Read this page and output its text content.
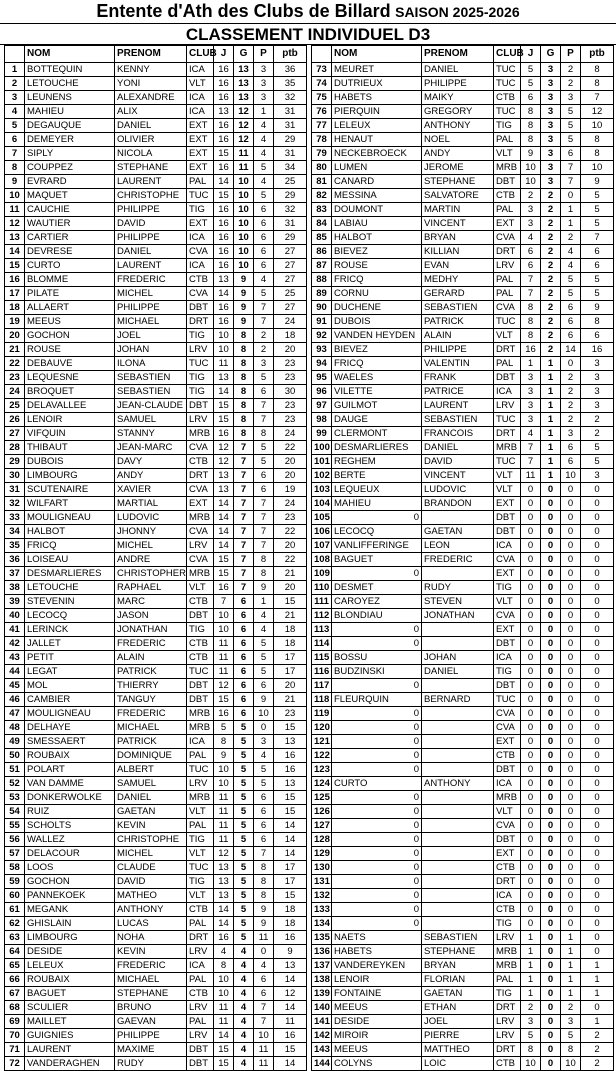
Entente d'Ath des Clubs de Billard SAISON 2025-2026
CLASSEMENT INDIVIDUEL D3
	NOM	PRENOM	CLUB	J	G	P	ptb
1	BOTTEQUIN	KENNY	ICA	16	13	3	36
2	LETOUCHE	YONI	VLT	16	13	3	35
3	LEUNENS	ALEXANDRE	ICA	16	13	3	32
4	MAHIEU	ALIX	ICA	13	12	1	31
5	DEGAUQUE	DANIEL	EXT	16	12	4	31
6	DEMEYER	OLIVIER	EXT	16	12	4	29
7	SIPLY	NICOLA	EXT	15	11	4	31
8	COUPPEZ	STEPHANE	EXT	16	11	5	34
9	EVRARD	LAURENT	PAL	14	10	4	25
10	MAQUET	CHRISTOPHE	TUC	15	10	5	29
11	CAUCHIE	PHILIPPE	TIG	16	10	6	32
12	WAUTIER	DAVID	EXT	16	10	6	31
13	CARTIER	PHILIPPE	ICA	16	10	6	29
14	DEVRESE	DANIEL	CVA	16	10	6	27
15	CURTO	LAURENT	ICA	16	10	6	27
16	BLOMME	FREDERIC	CTB	13	9	4	27
17	PILATE	MICHEL	CVA	14	9	5	25
18	ALLAERT	PHILIPPE	DBT	16	9	7	27
19	MEEUS	MICHAEL	DRT	16	9	7	24
20	GOCHON	JOEL	TIG	10	8	2	18
21	ROUSE	JOHAN	LRV	10	8	2	20
22	DEBAUVE	ILONA	TUC	11	8	3	23
23	LEQUESNE	SEBASTIEN	TIG	13	8	5	23
24	BROQUET	SEBASTIEN	TIG	14	8	6	30
25	DELAVALLEE	JEAN-CLAUDE	DBT	15	8	7	23
26	LENOIR	SAMUEL	LRV	15	8	7	23
27	VIFQUIN	STANNY	MRB	16	8	8	24
28	THIBAUT	JEAN-MARC	CVA	12	7	5	22
29	DUBOIS	DAVY	CTB	12	7	5	20
30	LIMBOURG	ANDY	DRT	13	7	6	20
31	SCUTENAIRE	XAVIER	CVA	13	7	6	19
32	WILFART	MARTIAL	EXT	14	7	7	24
33	MOULIGNEAU	LUDOVIC	MRB	14	7	7	23
34	HALBOT	JHONNY	CVA	14	7	7	22
35	FRICQ	MICHEL	LRV	14	7	7	20
36	LOISEAU	ANDRE	CVA	15	7	8	22
37	DESMARLIERES	CHRISTOPHER	MRB	15	7	8	21
38	LETOUCHE	RAPHAEL	VLT	16	7	9	20
39	STEVENIN	MARC	CTB	7	6	1	15
40	LECOCQ	JASON	DBT	10	6	4	21
41	LERINCK	JONATHAN	TIG	10	6	4	18
42	JALLET	FREDERIC	CTB	11	6	5	18
43	PETIT	ALAIN	CTB	11	6	5	17
44	LEGAT	PATRICK	TUC	11	6	5	17
45	MOL	THIERRY	DBT	12	6	6	20
46	CAMBIER	TANGUY	DBT	15	6	9	21
47	MOULIGNEAU	FREDERIC	MRB	16	6	10	23
48	DELHAYE	MICHAEL	MRB	5	5	0	15
49	SMESSAERT	PATRICK	ICA	8	5	3	13
50	ROUBAIX	DOMINIQUE	PAL	9	5	4	16
51	POLART	ALBERT	TUC	10	5	5	16
52	VAN DAMME	SAMUEL	LRV	10	5	5	13
53	DONKERWOLKE	DANIEL	MRB	11	5	6	15
54	RUIZ	GAETAN	VLT	11	5	6	15
55	SCHOLTS	KEVIN	PAL	11	5	6	14
56	WALLEZ	CHRISTOPHE	TIG	11	5	6	14
57	DELACOUR	MICHEL	VLT	12	5	7	14
58	LOOS	CLAUDE	TUC	13	5	8	17
59	GOCHON	DAVID	TIG	13	5	8	17
60	PANNEKOEK	MATHEO	VLT	13	5	8	15
61	MEGANK	ANTHONY	CTB	14	5	9	18
62	GHISLAIN	LUCAS	PAL	14	5	9	18
63	LIMBOURG	NOHA	DRT	16	5	11	16
64	DESIDE	KEVIN	LRV	4	4	0	9
65	LELEUX	FREDERIC	ICA	8	4	4	13
66	ROUBAIX	MICHAEL	PAL	10	4	6	14
67	BAGUET	STEPHANE	CTB	10	4	6	12
68	SCULIER	BRUNO	LRV	11	4	7	14
69	MAILLET	GAEVAN	PAL	11	4	7	11
70	GUIGNIES	PHILIPPE	LRV	14	4	10	16
71	LAURENT	MAXIME	DBT	15	4	11	15
72	VANDERAGHEN	RUDY	DBT	15	4	11	14
	NOM	PRENOM	CLUB	J	G	P	ptb
73	MEURET	DANIEL	TUC	5	3	2	8
74	DUTRIEUX	PHILIPPE	TUC	5	3	2	8
75	HABETS	MAIKY	CTB	6	3	3	7
76	PIERQUIN	GREGORY	TUC	8	3	5	12
77	LELEUX	ANTHONY	TIG	8	3	5	10
78	HENAUT	NOEL	PAL	8	3	5	8
79	NECKEBROECK	ANDY	VLT	9	3	6	8
80	LUMEN	JEROME	MRB	10	3	7	10
81	CANARD	STEPHANE	DBT	10	3	7	9
82	MESSINA	SALVATORE	CTB	2	2	0	5
83	DOUMONT	MARTIN	PAL	3	2	1	5
84	LABIAU	VINCENT	EXT	3	2	1	5
85	HALBOT	BRYAN	CVA	4	2	2	7
86	BIEVEZ	KILLIAN	DRT	6	2	4	6
87	ROUSE	EVAN	LRV	6	2	4	6
88	FRICQ	MEDHY	PAL	7	2	5	5
89	CORNU	GERARD	PAL	7	2	5	5
90	DUCHENE	SEBASTIEN	CVA	8	2	6	9
91	DUBOIS	PATRICK	TUC	8	2	6	8
92	VANDEN HEYDEN	ALAIN	VLT	8	2	6	6
93	BIEVEZ	PHILIPPE	DRT	16	2	14	16
94	FRICQ	VALENTIN	PAL	1	1	0	3
95	WAELES	FRANK	DBT	3	1	2	3
96	VILETTE	PATRICE	ICA	3	1	2	3
97	GUILMOT	LAURENT	LRV	3	1	2	3
98	DAUGE	SEBASTIEN	TUC	3	1	2	2
99	CLERMONT	FRANCOIS	DRT	4	1	3	2
100	DESMARLIERES	DANIEL	MRB	7	1	6	5
101	REGHEM	DAVID	TUC	7	1	6	5
102	BERTE	VINCENT	VLT	11	1	10	3
103	LEQUEUX	LUDOVIC	VLT	0	0	0	0
104	MAHIEU	BRANDON	EXT	0	0	0	0
105	0		DBT	0	0	0	0
106	LECOCQ	GAETAN	DBT	0	0	0	0
107	VANLIFFERINGE	LEON	ICA	0	0	0	0
108	BAGUET	FREDERIC	CVA	0	0	0	0
109	0		EXT	0	0	0	0
110	DESMET	RUDY	TIG	0	0	0	0
111	CAROYEZ	STEVEN	VLT	0	0	0	0
112	BLONDIAU	JONATHAN	CVA	0	0	0	0
113	0		EXT	0	0	0	0
114	0		DBT	0	0	0	0
115	BOSSU	JOHAN	ICA	0	0	0	0
116	BUDZINSKI	DANIEL	TIG	0	0	0	0
117	0		DBT	0	0	0	0
118	FLEURQUIN	BERNARD	TUC	0	0	0	0
119	0		CVA	0	0	0	0
120	0		CVA	0	0	0	0
121	0		EXT	0	0	0	0
122	0		CTB	0	0	0	0
123	0		DBT	0	0	0	0
124	CURTO	ANTHONY	ICA	0	0	0	0
125	0		MRB	0	0	0	0
126	0		VLT	0	0	0	0
127	0		CVA	0	0	0	0
128	0		DBT	0	0	0	0
129	0		EXT	0	0	0	0
130	0		CTB	0	0	0	0
131	0		DRT	0	0	0	0
132	0		ICA	0	0	0	0
133	0		CTB	0	0	0	0
134	0		TIG	0	0	0	0
135	NAETS	SEBASTIEN	LRV	1	0	1	0
136	HABETS	STEPHANE	MRB	1	0	1	0
137	VANDEREYKEN	BRYAN	MRB	1	0	1	1
138	LENOIR	FLORIAN	PAL	1	0	1	1
139	FONTAINE	GAETAN	TIG	1	0	1	1
140	MEEUS	ETHAN	DRT	2	0	2	0
141	DESIDE	JOEL	LRV	3	0	3	1
142	MIROIR	PIERRE	LRV	5	0	5	2
143	MEEUS	MATTHEO	DRT	8	0	8	2
144	COLYNS	LOIC	CTB	10	0	10	2
